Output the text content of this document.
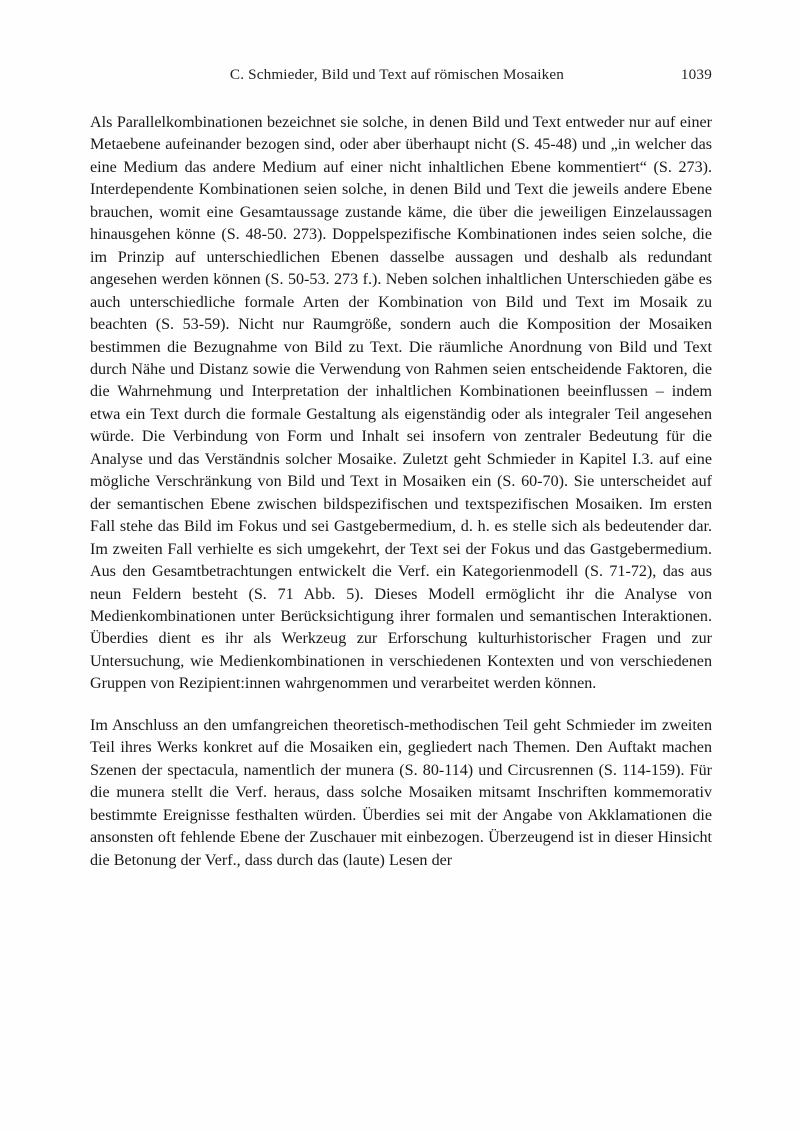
C. Schmieder, Bild und Text auf römischen Mosaiken	1039

Als Parallelkombinationen bezeichnet sie solche, in denen Bild und Text entweder nur auf einer Metaebene aufeinander bezogen sind, oder aber überhaupt nicht (S. 45-48) und „in welcher das eine Medium das andere Medium auf einer nicht inhaltlichen Ebene kommentiert“ (S. 273). Interdependente Kombinationen seien solche, in denen Bild und Text die jeweils andere Ebene brauchen, womit eine Gesamtaussage zustande käme, die über die jeweiligen Einzelaussagen hinausgehen könne (S. 48-50. 273). Doppelspezifische Kombinationen indes seien solche, die im Prinzip auf unterschiedlichen Ebenen dasselbe aussagen und deshalb als redundant angesehen werden können (S. 50-53. 273 f.). Neben solchen inhaltlichen Unterschieden gäbe es auch unterschiedliche formale Arten der Kombination von Bild und Text im Mosaik zu beachten (S. 53-59). Nicht nur Raumgröße, sondern auch die Komposition der Mosaiken bestimmen die Bezugnahme von Bild zu Text. Die räumliche Anordnung von Bild und Text durch Nähe und Distanz sowie die Verwendung von Rahmen seien entscheidende Faktoren, die die Wahrnehmung und Interpretation der inhaltlichen Kombinationen beeinflussen – indem etwa ein Text durch die formale Gestaltung als eigenständig oder als integraler Teil angesehen würde. Die Verbindung von Form und Inhalt sei insofern von zentraler Bedeutung für die Analyse und das Verständnis solcher Mosaike. Zuletzt geht Schmieder in Kapitel I.3. auf eine mögliche Verschränkung von Bild und Text in Mosaiken ein (S. 60-70). Sie unterscheidet auf der semantischen Ebene zwischen bildspezifischen und textspezifischen Mosaiken. Im ersten Fall stehe das Bild im Fokus und sei Gastgebermedium, d. h. es stelle sich als bedeutender dar. Im zweiten Fall verhielte es sich umgekehrt, der Text sei der Fokus und das Gastgebermedium. Aus den Gesamtbetrachtungen entwickelt die Verf. ein Kategorienmodell (S. 71-72), das aus neun Feldern besteht (S. 71 Abb. 5). Dieses Modell ermöglicht ihr die Analyse von Medienkombinationen unter Berücksichtigung ihrer formalen und semantischen Interaktionen. Überdies dient es ihr als Werkzeug zur Erforschung kulturhistorischer Fragen und zur Untersuchung, wie Medienkombinationen in verschiedenen Kontexten und von verschiedenen Gruppen von Rezipient:innen wahrgenommen und verarbeitet werden können.

Im Anschluss an den umfangreichen theoretisch-methodischen Teil geht Schmieder im zweiten Teil ihres Werks konkret auf die Mosaiken ein, gegliedert nach Themen. Den Auftakt machen Szenen der spectacula, namentlich der munera (S. 80-114) und Circusrennen (S. 114-159). Für die munera stellt die Verf. heraus, dass solche Mosaiken mitsamt Inschriften kommemorativ bestimmte Ereignisse festhalten würden. Überdies sei mit der Angabe von Akklamationen die ansonsten oft fehlende Ebene der Zuschauer mit einbezogen. Überzeugend ist in dieser Hinsicht die Betonung der Verf., dass durch das (laute) Lesen der
